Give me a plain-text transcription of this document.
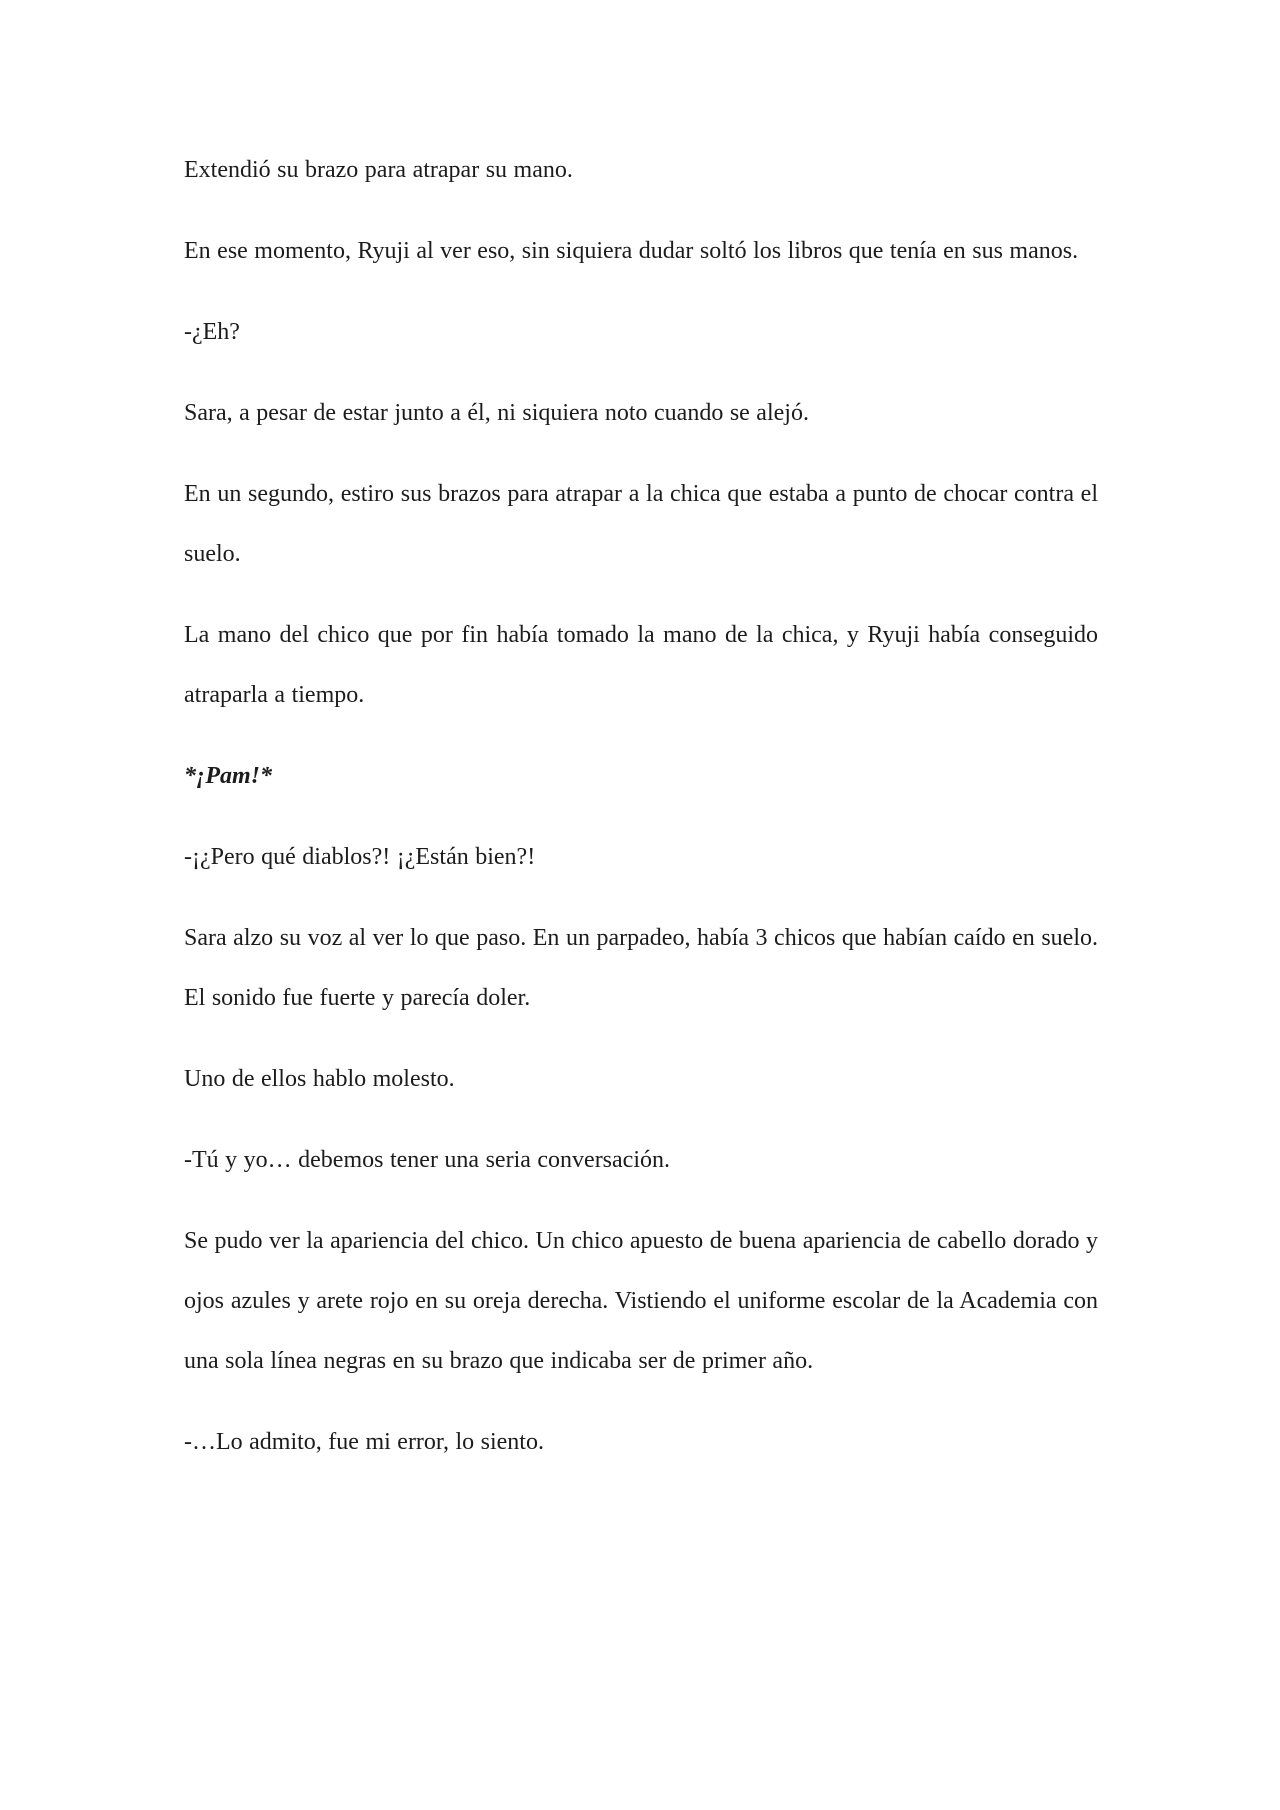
Extendió su brazo para atrapar su mano.

En ese momento, Ryuji al ver eso, sin siquiera dudar soltó los libros que tenía en sus manos.

-¿Eh?

Sara, a pesar de estar junto a él, ni siquiera noto cuando se alejó.

En un segundo, estiro sus brazos para atrapar a la chica que estaba a punto de chocar contra el suelo.

La mano del chico que por fin había tomado la mano de la chica, y Ryuji había conseguido atraparla a tiempo.

*¡Pam!*

-¡¿Pero qué diablos?! ¡¿Están bien?!

Sara alzo su voz al ver lo que paso. En un parpadeo, había 3 chicos que habían caído en suelo. El sonido fue fuerte y parecía doler.

Uno de ellos hablo molesto.

-Tú y yo… debemos tener una seria conversación.

Se pudo ver la apariencia del chico. Un chico apuesto de buena apariencia de cabello dorado y ojos azules y arete rojo en su oreja derecha. Vistiendo el uniforme escolar de la Academia con una sola línea negras en su brazo que indicaba ser de primer año.

-…Lo admito, fue mi error, lo siento.
